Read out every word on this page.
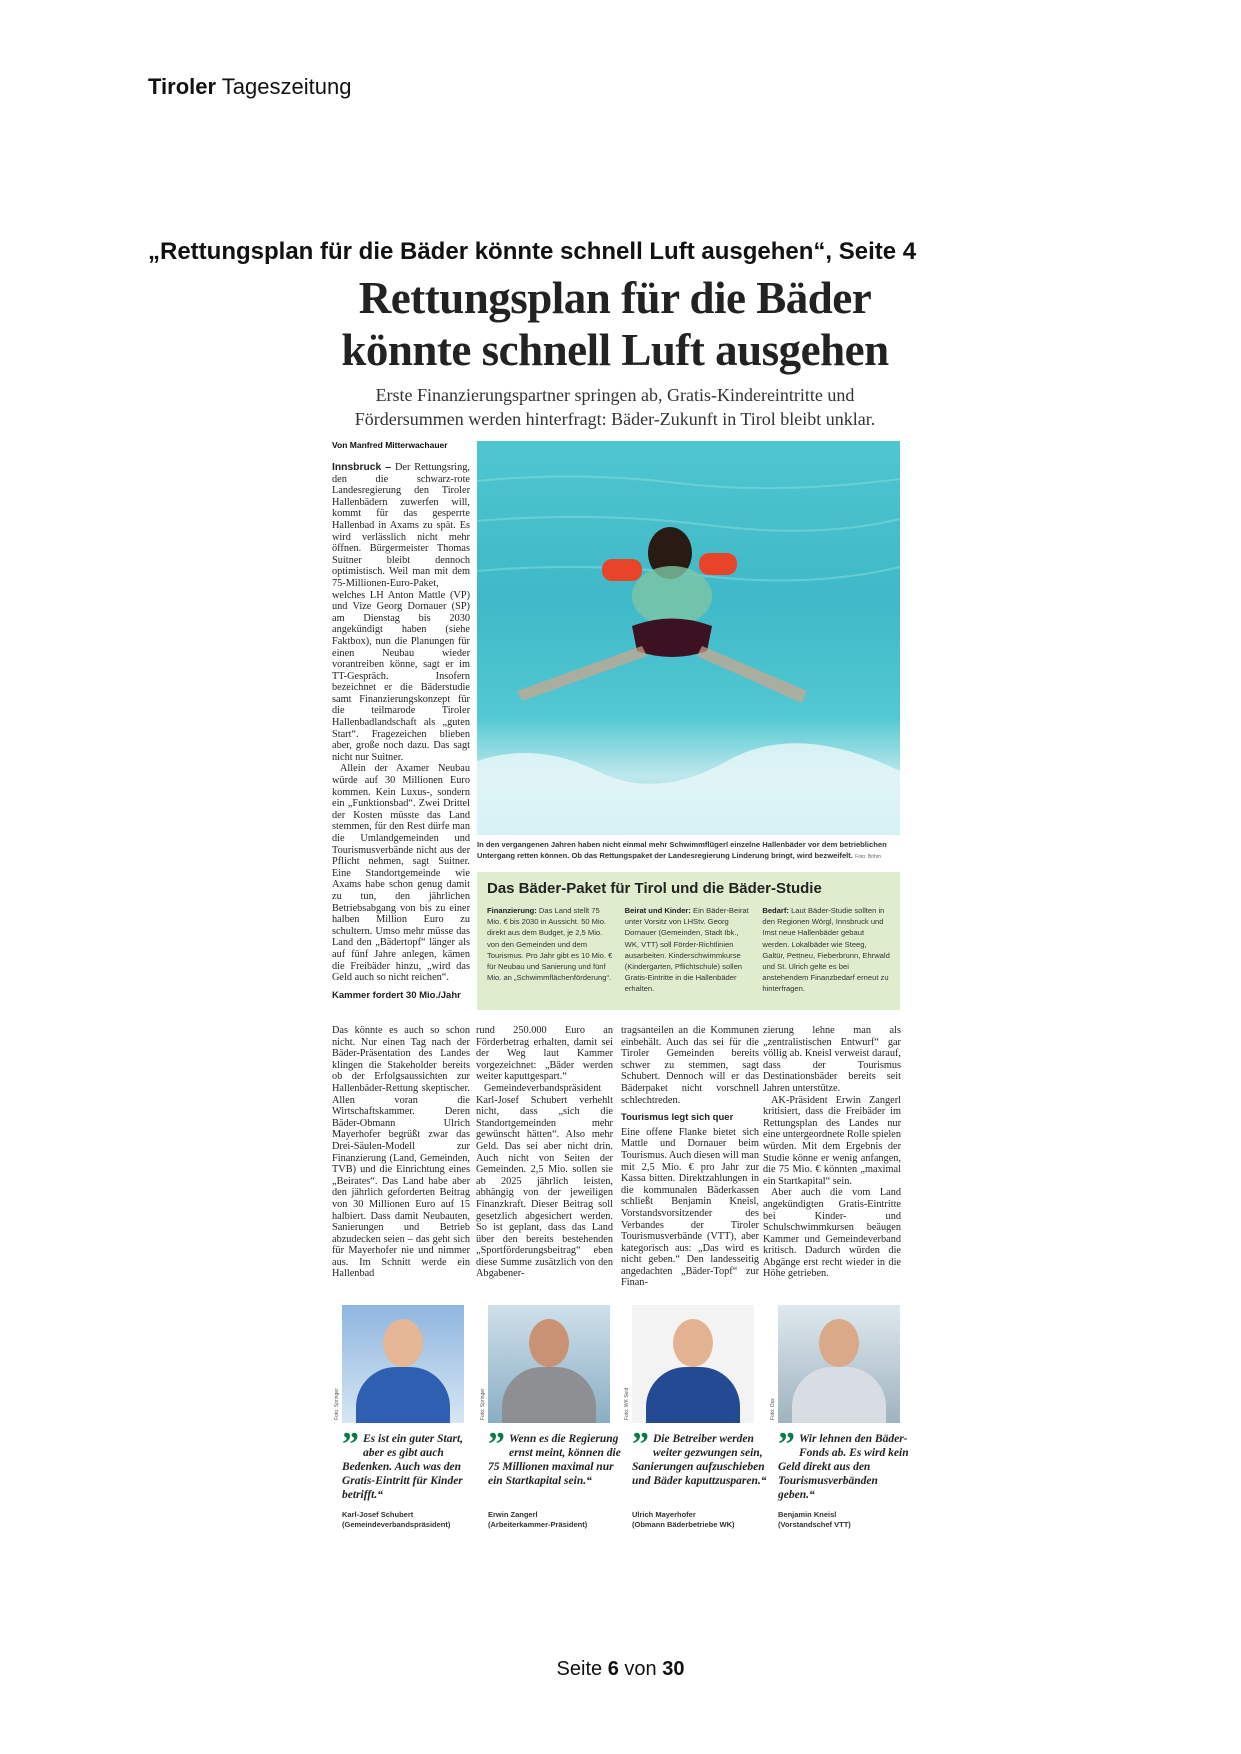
Tiroler Tageszeitung
„Rettungsplan für die Bäder könnte schnell Luft ausgehen“, Seite 4
Rettungsplan für die Bäder
könnte schnell Luft ausgehen
Erste Finanzierungspartner springen ab, Gratis-Kindereintritte und Fördersummen werden hinterfragt: Bäder-Zukunft in Tirol bleibt unklar.
Von Manfred Mitterwachauer

Innsbruck – Der Rettungsring, den die schwarz-rote Landesregierung den Tiroler Hallenbädern zuwerfen will, kommt für das gesperrte Hallenbad in Axams zu spät. Es wird verlässlich nicht mehr öffnen. Bürgermeister Thomas Suitner bleibt dennoch optimistisch. Weil man mit dem 75-Millionen-Euro-Paket, welches LH Anton Mattle (VP) und Vize Georg Dornauer (SP) am Dienstag bis 2030 angekündigt haben (siehe Faktbox), nun die Planungen für einen Neubau wieder vorantreiben könne, sagt er im TT-Gespräch. Insofern bezeichnet er die Bäderstudie samt Finanzierungskonzept für die teilmarode Tiroler Hallenbadlandschaft als „guten Start“. Fragezeichen blieben aber, große noch dazu. Das sagt nicht nur Suitner.

Allein der Axamer Neubau würde auf 30 Millionen Euro kommen. Kein Luxus-, sondern ein „Funktionsbad“. Zwei Drittel der Kosten müsste das Land stemmen, für den Rest dürfe man die Umlandgemeinden und Tourismusverbände nicht aus der Pflicht nehmen, sagt Suitner. Eine Standortgemeinde wie Axams habe schon genug damit zu tun, den jährlichen Betriebsabgang von bis zu einer halben Million Euro zu schultern. Umso mehr müsse das Land den „Bädertopf“ länger als auf fünf Jahre anlegen, kämen die Freibäder hinzu, „wird das Geld auch so nicht reichen“.

Kammer fordert 30 Mio./Jahr
In den vergangenen Jahren haben nicht einmal mehr Schwimmflügerl einzelne Hallenbäder vor dem betrieblichen Untergang retten können. Ob das Rettungspaket der Landesregierung Linderung bringt, wird bezweifelt. Foto: Böhm
Das Bäder-Paket für Tirol und die Bäder-Studie
Finanzierung: Das Land stellt 75 Mio. € bis 2030 in Aussicht. 50 Mio. direkt aus dem Budget, je 2,5 Mio. von den Gemeinden und dem Tourismus. Pro Jahr gibt es 10 Mio. € für Neubau und Sanierung und fünf Mio. an „Schwimmflächenförderung“.
Beirat und Kinder: Ein Bäder-Beirat unter Vorsitz von LHStv. Georg Dornauer (Gemeinden, Stadt Ibk., WK, VTT) soll Förder-Richtlinien ausarbeiten. Kinderschwimmkurse (Kindergarten, Pflichtschule) sollen Gratis-Eintritte in die Hallenbäder erhalten.
Bedarf: Laut Bäder-Studie sollten in den Regionen Wörgl, Innsbruck und Imst neue Hallenbäder gebaut werden. Lokalbäder wie Steeg, Galtür, Pettneu, Fieberbrunn, Ehrwald und St. Ulrich gelte es bei anstehendem Finanzbedarf erneut zu hinterfragen.

Das könnte es auch so schon nicht. Nur einen Tag nach der Bäder-Präsentation des Landes klingen die Stakeholder bereits ob der Erfolgsaussichten zur Hallenbäder-Rettung skeptischer. Allen voran die Wirtschaftskammer. Deren Bäder-Obmann Ulrich Mayerhofer begrüßt zwar das Drei-Säulen-Modell zur Finanzierung (Land, Gemeinden, TVB) und die Einrichtung eines „Beirates“. Das Land habe aber den jährlich geforderten Beitrag von 30 Millionen Euro auf 15 halbiert. Dass damit Neubauten, Sanierungen und Betrieb abzudecken seien – das geht sich für Mayerhofer nie und nimmer aus. Im Schnitt werde ein Hallenbad

rund 250.000 Euro an Förderbetrag erhalten, damit sei der Weg laut Kammer vorgezeichnet: „Bäder werden weiter kaputtgespart.“

Gemeindeverbandspräsident Karl-Josef Schubert verhehlt nicht, dass „sich die Standortgemeinden mehr gewünscht hätten“. Also mehr Geld. Das sei aber nicht drin. Auch nicht von Seiten der Gemeinden. 2,5 Mio. sollen sie ab 2025 jährlich leisten, abhängig von der jeweiligen Finanzkraft. Dieser Beitrag soll gesetzlich abgesichert werden. So ist geplant, dass das Land über den bereits bestehenden „Sportförderungsbeitrag“ eben diese Summe zusätzlich von den Abgabener-

tragsanteilen an die Kommunen einbehält. Auch das sei für die Tiroler Gemeinden bereits schwer zu stemmen, sagt Schubert. Dennoch will er das Bäderpaket nicht vorschnell schlechtreden.

Tourismus legt sich quer

Eine offene Flanke bietet sich Mattle und Dornauer beim Tourismus. Auch diesen will man mit 2,5 Mio. € pro Jahr zur Kassa bitten. Direktzahlungen in die kommunalen Bäderkassen schließt Benjamin Kneisl, Vorstandsvorsitzender des Verbandes der Tiroler Tourismusverbände (VTT), aber kategorisch aus: „Das wird es nicht geben.“ Den landesseitig angedachten „Bäder-Topf“ zur Finan-

zierung lehne man als „zentralistischen Entwurf“ gar völlig ab. Kneisl verweist darauf, dass der Tourismus Destinationsbäder bereits seit Jahren unterstütze.

AK-Präsident Erwin Zangerl kritisiert, dass die Freibäder im Rettungsplan des Landes nur eine untergeordnete Rolle spielen würden. Mit dem Ergebnis der Studie könne er wenig anfangen, die 75 Mio. € könnten „maximal ein Startkapital“ sein.

Aber auch die vom Land angekündigten Gratis-Eintritte bei Kinder- und Schulschwimmkursen beäugen Kammer und Gemeindeverband kritisch. Dadurch würden die Abgänge erst recht wieder in die Höhe getrieben.

Foto: Springer	Foto: Springer	Foto: WK Seid	Foto: Oss
” Es ist ein guter Start, aber es gibt auch Bedenken. Auch was den Gratis-Eintritt für Kinder betrifft.“
” Wenn es die Regierung ernst meint, können die 75 Millionen maximal nur ein Startkapital sein.“
” Die Betreiber werden weiter gezwungen sein, Sanierungen aufzuschieben und Bäder kaputtzusparen.“
” Wir lehnen den Bäder-Fonds ab. Es wird kein Geld direkt aus den Tourismusverbänden geben.“
Karl-Josef Schubert
(Gemeindeverbandspräsident)
Erwin Zangerl
(Arbeiterkammer-Präsident)
Ulrich Mayerhofer
(Obmann Bäderbetriebe WK)
Benjamin Kneisl
(Vorstandschef VTT)
Seite 6 von 30
